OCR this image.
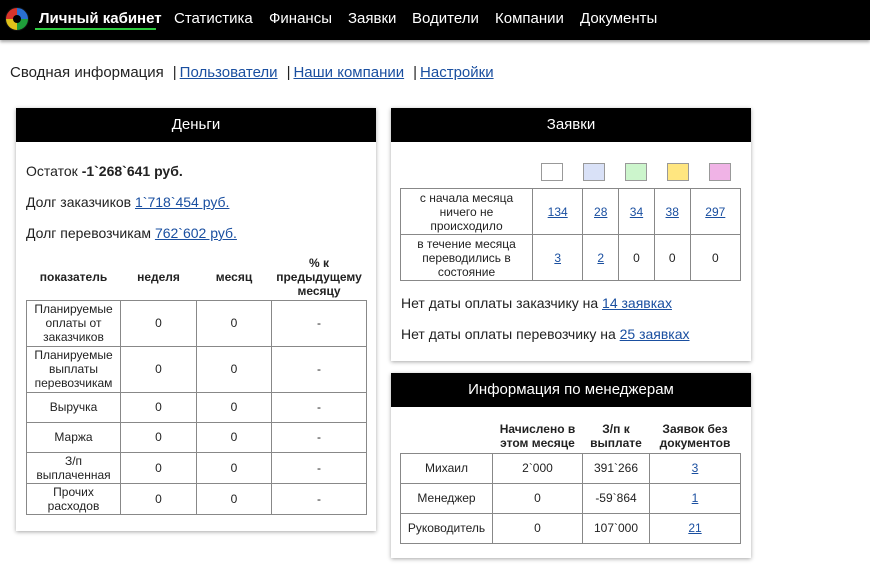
Личный кабинет Статистика Финансы Заявки Водители Компании Документы
Сводная информация | Пользователи | Наши компании | Настройки
Деньги
Остаток -1`268`641 руб.
Долг заказчиков 1`718`454 руб.
Долг перевозчикам 762`602 руб.
показатель	неделя	месяц	% к предыдущему месяцу
Планируемые оплаты от заказчиков	0	0	-
Планируемые выплаты перевозчикам	0	0	-
Выручка	0	0	-
Маржа	0	0	-
З/п выплаченная	0	0	-
Прочих расходов	0	0	-
Заявки
с начала месяца ничего не происходило	134	28	34	38	297
в течение месяца переводились в состояние	3	2	0	0	0
Нет даты оплаты заказчику на 14 заявках
Нет даты оплаты перевозчику на 25 заявках
Информация по менеджерам
	Начислено в этом месяце	З/п к выплате	Заявок без документов
Михаил	2`000	391`266	3
Менеджер	0	-59`864	1
Руководитель	0	107`000	21
